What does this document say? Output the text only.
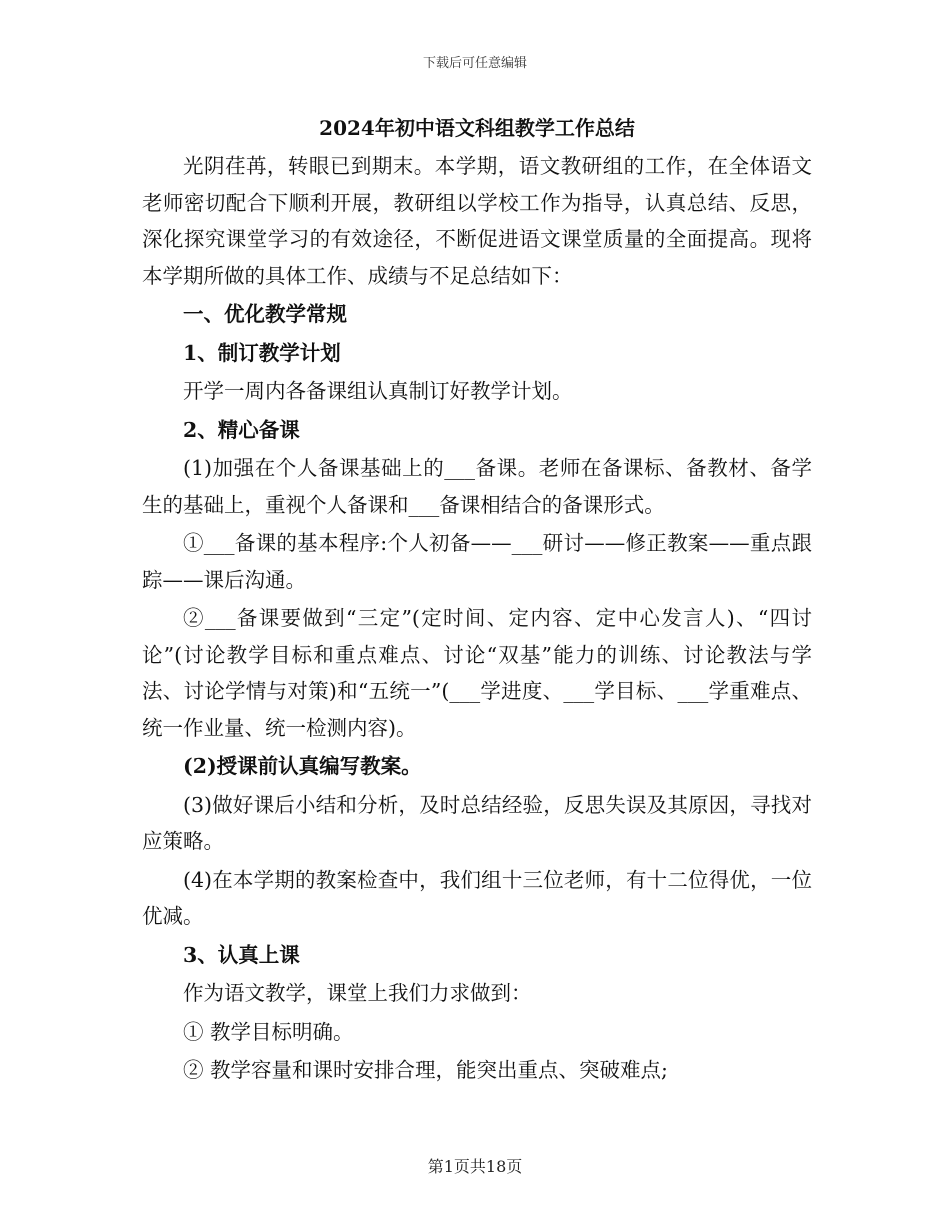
下载后可任意编辑
2024年初中语文科组教学工作总结

光阴荏苒，转眼已到期末。本学期，语文教研组的工作，在全体语文老师密切配合下顺利开展，教研组以学校工作为指导，认真总结、反思，深化探究课堂学习的有效途径，不断促进语文课堂质量的全面提高。现将本学期所做的具体工作、成绩与不足总结如下：

一、优化教学常规

1、制订教学计划

开学一周内各备课组认真制订好教学计划。

2、精心备课

(1)加强在个人备课基础上的___备课。老师在备课标、备教材、备学生的基础上，重视个人备课和___备课相结合的备课形式。

①___备课的基本程序:个人初备——___研讨——修正教案——重点跟踪——课后沟通。

②___备课要做到“三定”(定时间、定内容、定中心发言人)、“四讨论”(讨论教学目标和重点难点、讨论“双基”能力的训练、讨论教法与学法、讨论学情与对策)和“五统一”(___学进度、___学目标、___学重难点、统一作业量、统一检测内容)。

(2)授课前认真编写教案。

(3)做好课后小结和分析，及时总结经验，反思失误及其原因，寻找对应策略。

(4)在本学期的教案检查中，我们组十三位老师，有十二位得优，一位优减。

3、认真上课

作为语文教学，课堂上我们力求做到：

① 教学目标明确。

② 教学容量和课时安排合理，能突出重点、突破难点;

第1页共18页
